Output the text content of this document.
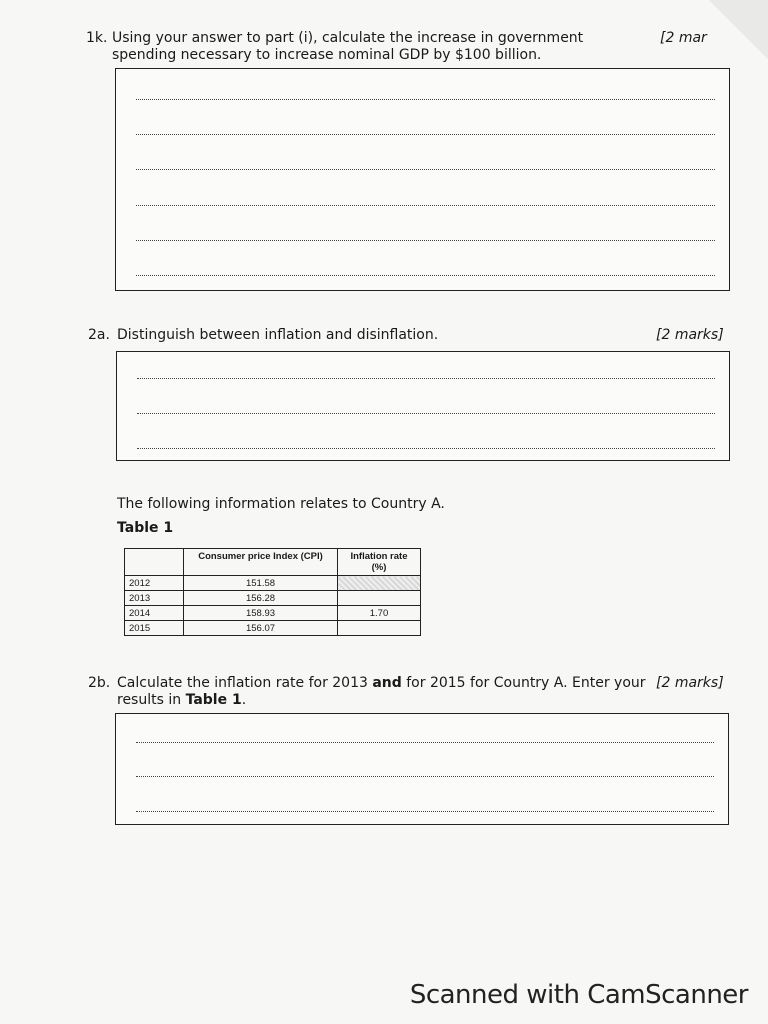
1k. Using your answer to part (i), calculate the increase in government spending necessary to increase nominal GDP by $100 billion.
[2 mar
2a. Distinguish between inflation and disinflation.	[2 marks]
The following information relates to Country A.
Table 1
	Consumer price Index (CPI)	Inflation rate (%)
2012	151.58	
2013	156.28	
2014	158.93	1.70
2015	156.07	
2b. Calculate the inflation rate for 2013 and for 2015 for Country A. Enter your results in Table 1.
[2 marks]
Scanned with CamScanner
